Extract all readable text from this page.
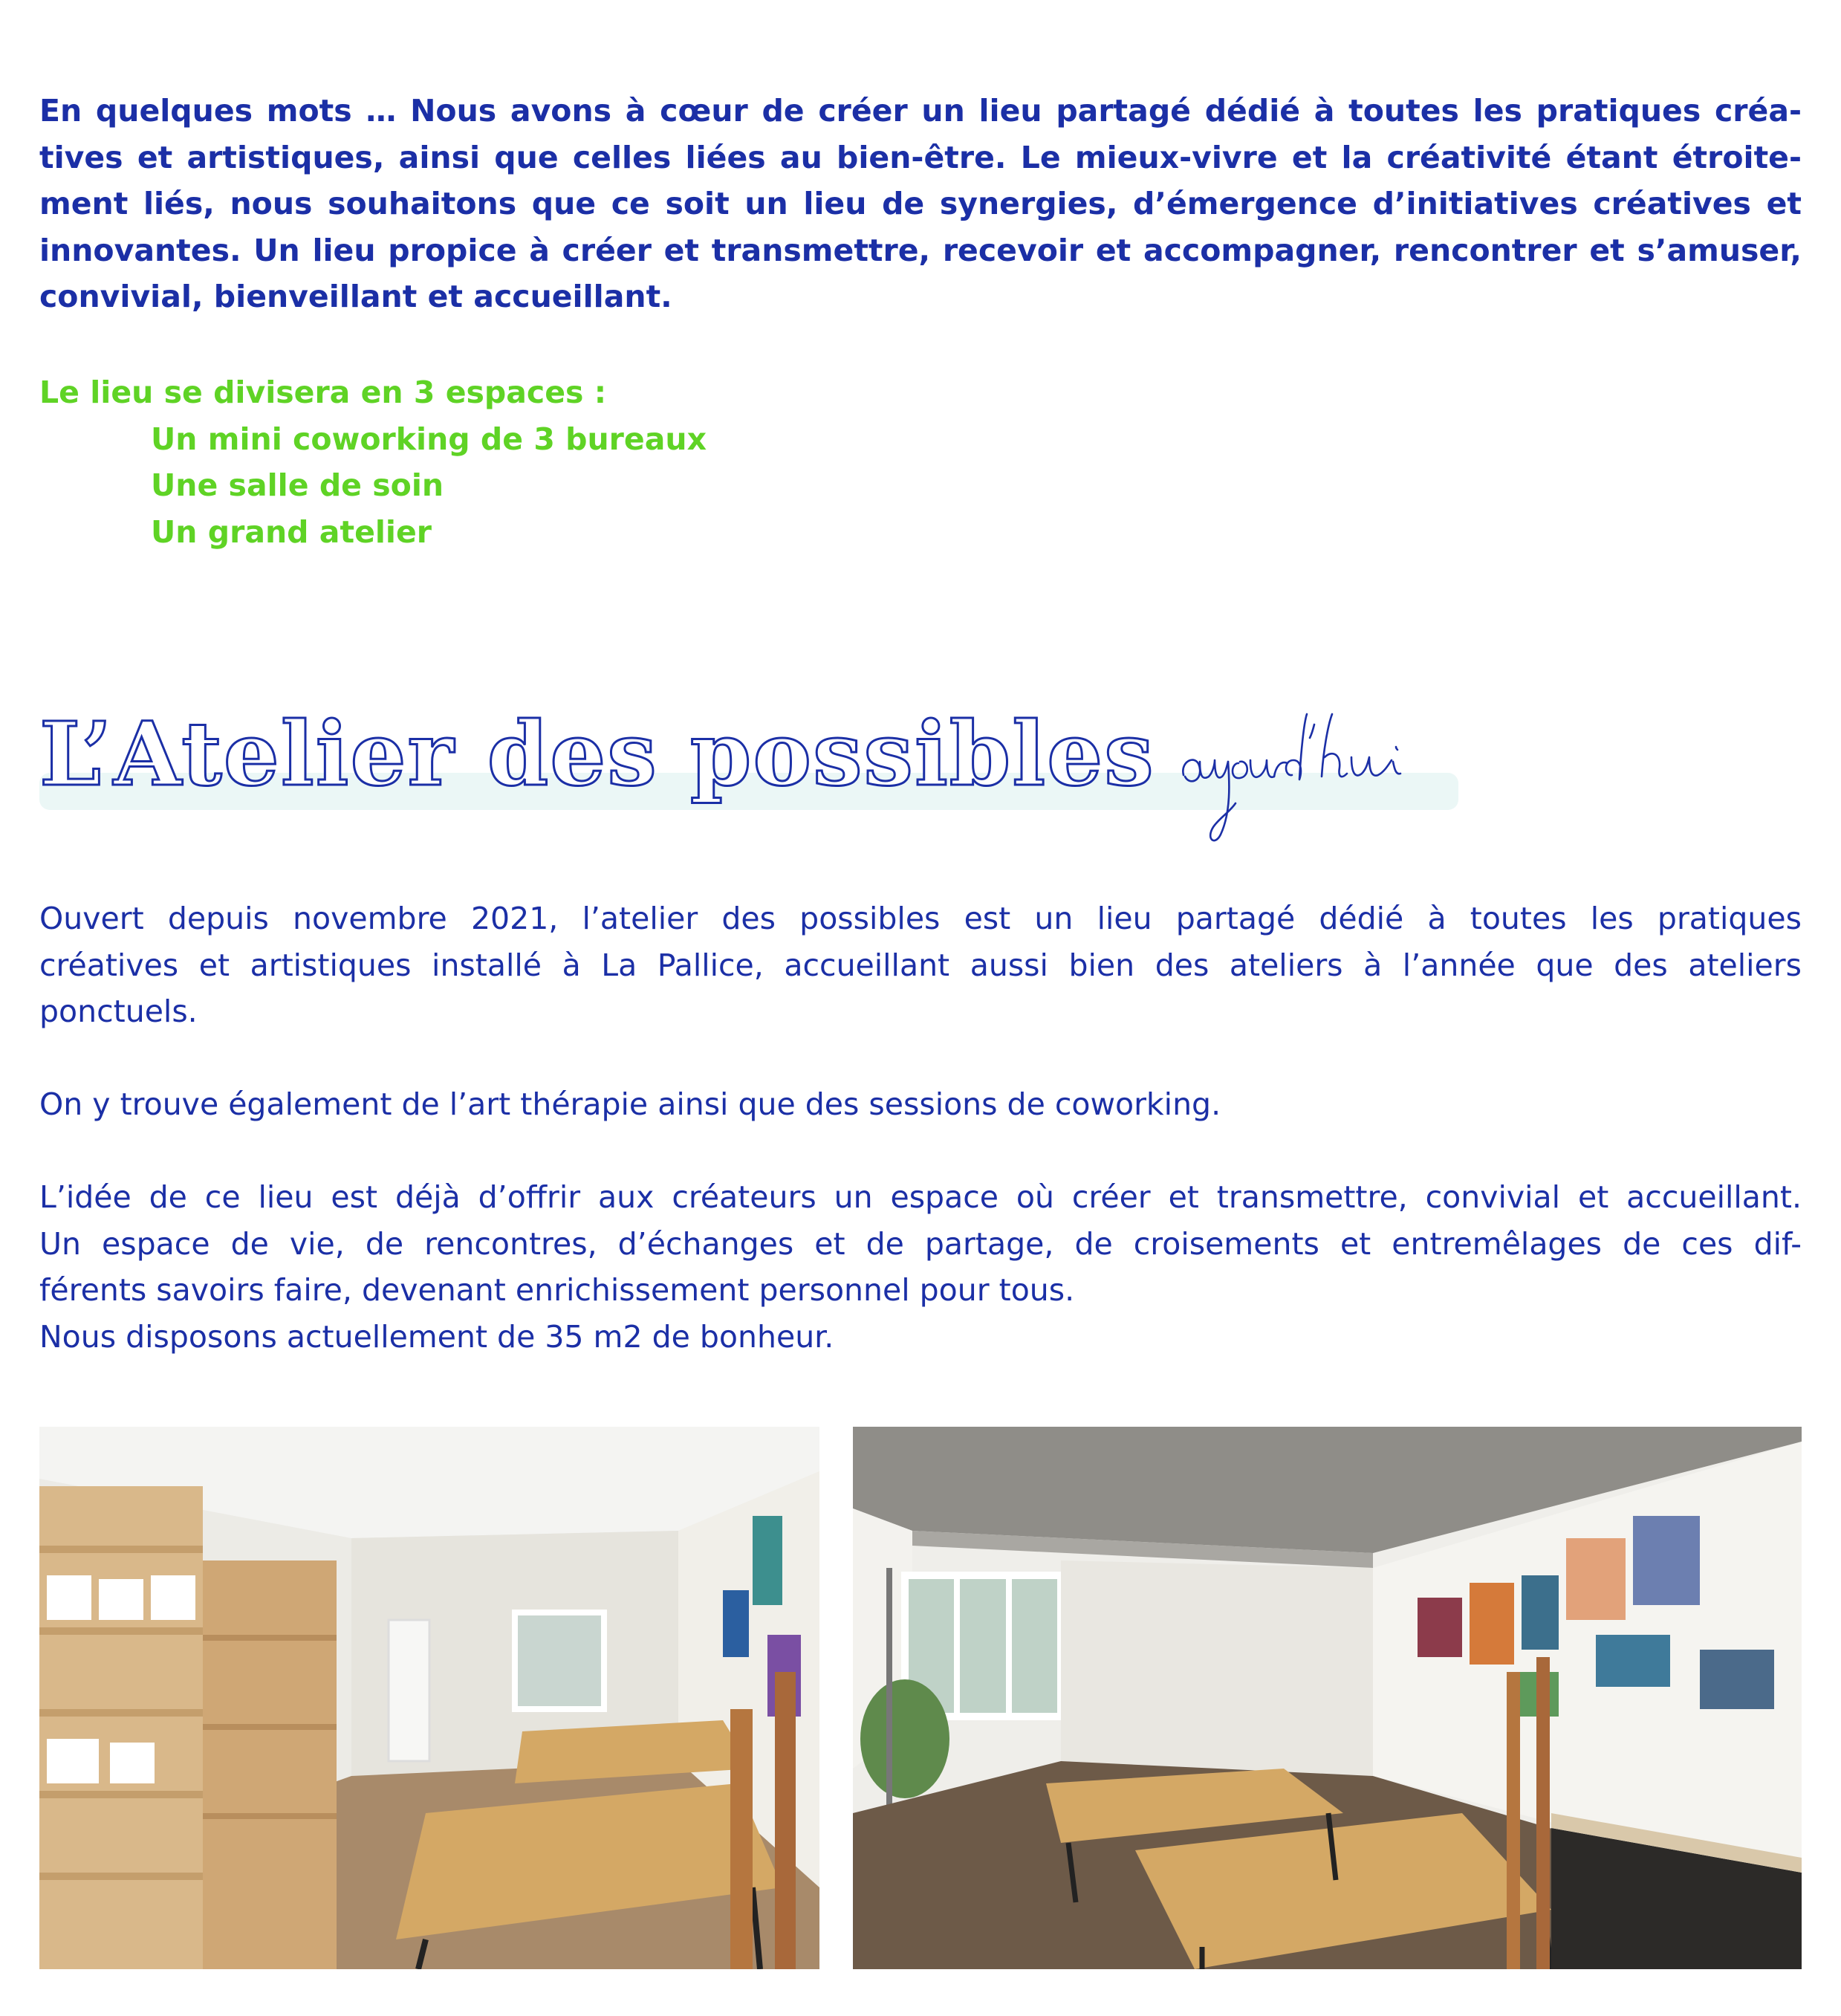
En quelques mots … Nous avons à cœur de créer un lieu partagé dédié à toutes les pratiques créa-
tives et artistiques, ainsi que celles liées au bien-être. Le mieux-vivre et la créativité étant étroite-
ment liés, nous souhaitons que ce soit un lieu de synergies, d’émergence d’initiatives créatives et
innovantes. Un lieu propice à créer et transmettre, recevoir et accompagner, rencontrer et s’amuser,
convivial, bienveillant et accueillant.
Le lieu se divisera en 3 espaces :
Un mini coworking de 3 bureaux
Une salle de soin
Un grand atelier
L’Atelier des possibles

Ouvert depuis novembre 2021, l’atelier des possibles est un lieu partagé dédié à toutes les pratiques
créatives et artistiques installé à La Pallice, accueillant aussi bien des ateliers à l’année que des ateliers
ponctuels.

On y trouve également de l’art thérapie ainsi que des sessions de coworking.

L’idée de ce lieu est déjà d’offrir aux créateurs un espace où créer et transmettre, convivial et accueillant.
Un espace de vie, de rencontres, d’échanges et de partage, de croisements et entremêlages de ces dif-
férents savoirs faire, devenant enrichissement personnel pour tous.
Nous disposons actuellement de 35 m2 de bonheur.
